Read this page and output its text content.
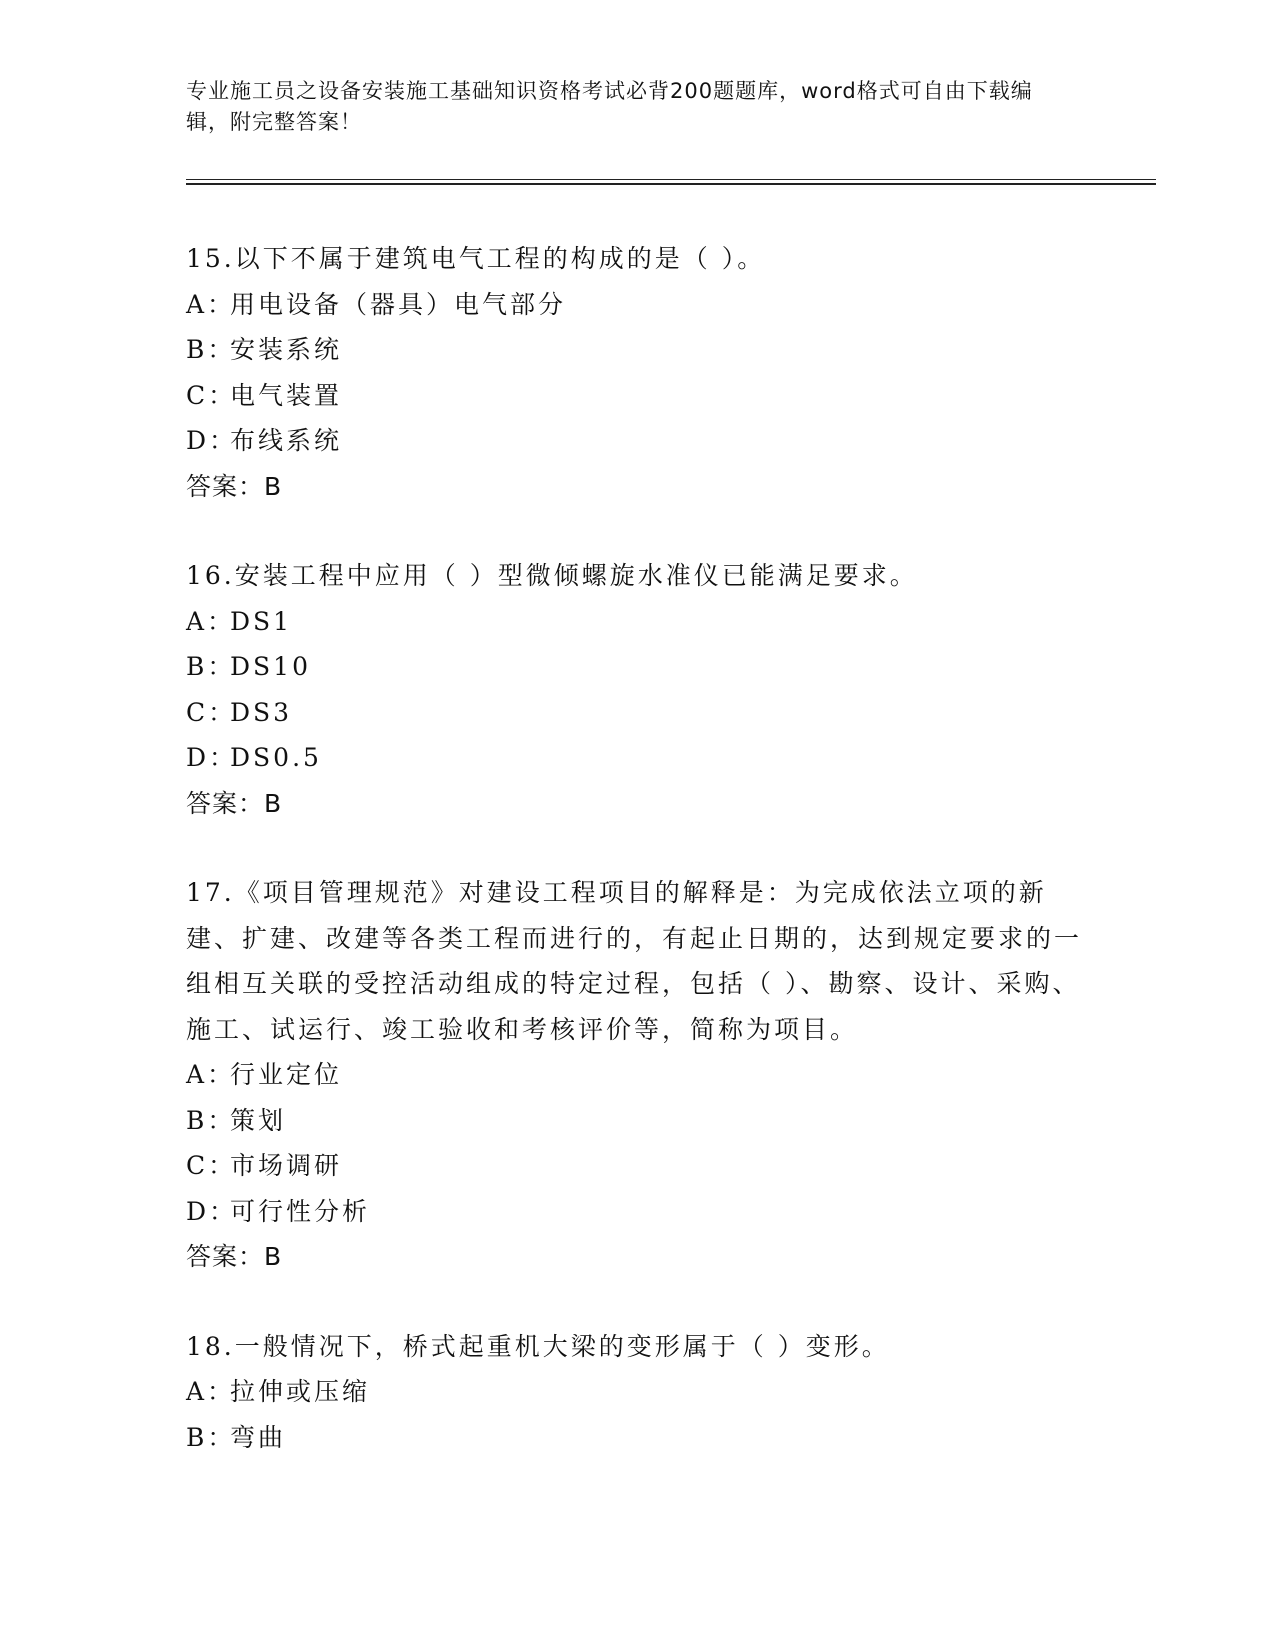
专业施工员之设备安装施工基础知识资格考试必背200题题库，word格式可自由下载编辑，附完整答案！

15.以下不属于建筑电气工程的构成的是（ ）。

A：用电设备（器具）电气部分

B：安装系统

C：电气装置

D：布线系统

答案：B

16.安装工程中应用（ ）型微倾螺旋水准仪已能满足要求。

A：DS1

B：DS10

C：DS3

D：DS0.5

答案：B

17.《项目管理规范》对建设工程项目的解释是：为完成依法立项的新建、扩建、改建等各类工程而进行的，有起止日期的，达到规定要求的一组相互关联的受控活动组成的特定过程，包括（ ）、勘察、设计、采购、施工、试运行、竣工验收和考核评价等，简称为项目。

A：行业定位

B：策划

C：市场调研

D：可行性分析

答案：B

18.一般情况下，桥式起重机大梁的变形属于（ ）变形。

A：拉伸或压缩

B：弯曲
